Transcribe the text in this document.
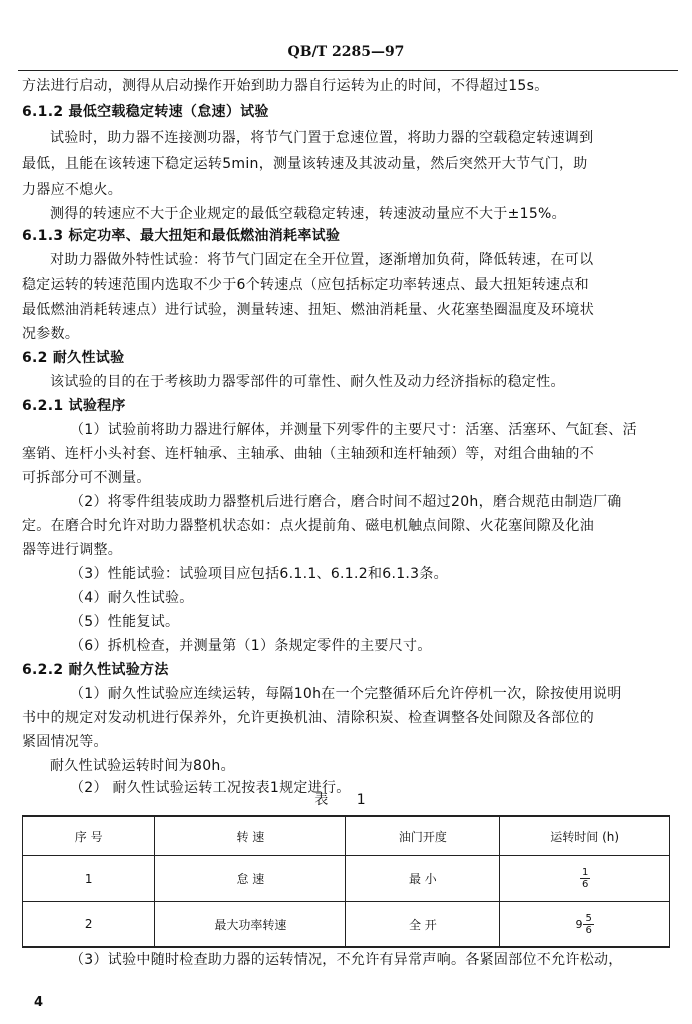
QB/T 2285—97
方法进行启动，测得从启动操作开始到助力器自行运转为止的时间，不得超过15s。
6.1.2 最低空载稳定转速（怠速）试验
试验时，助力器不连接测功器，将节气门置于怠速位置，将助力器的空载稳定转速调到
最低，且能在该转速下稳定运转5min，测量该转速及其波动量，然后突然开大节气门，助
力器应不熄火。
测得的转速应不大于企业规定的最低空载稳定转速，转速波动量应不大于±15%。
6.1.3 标定功率、最大扭矩和最低燃油消耗率试验
对助力器做外特性试验：将节气门固定在全开位置，逐渐增加负荷，降低转速，在可以
稳定运转的转速范围内选取不少于6个转速点（应包括标定功率转速点、最大扭矩转速点和
最低燃油消耗转速点）进行试验，测量转速、扭矩、燃油消耗量、火花塞垫圈温度及环境状
况参数。
6.2 耐久性试验
该试验的目的在于考核助力器零部件的可靠性、耐久性及动力经济指标的稳定性。
6.2.1 试验程序
（1）试验前将助力器进行解体，并测量下列零件的主要尺寸：活塞、活塞环、气缸套、活
塞销、连杆小头衬套、连杆轴承、主轴承、曲轴（主轴颈和连杆轴颈）等，对组合曲轴的不
可拆部分可不测量。
（2）将零件组装成助力器整机后进行磨合，磨合时间不超过20h，磨合规范由制造厂确
定。在磨合时允许对助力器整机状态如：点火提前角、磁电机触点间隙、火花塞间隙及化油
器等进行调整。
（3）性能试验：试验项目应包括6.1.1、6.1.2和6.1.3条。
（4）耐久性试验。
（5）性能复试。
（6）拆机检查，并测量第（1）条规定零件的主要尺寸。
6.2.2 耐久性试验方法
（1）耐久性试验应连续运转，每隔10h在一个完整循环后允许停机一次，除按使用说明
书中的规定对发动机进行保养外，允许更换机油、清除积炭、检查调整各处间隙及各部位的
紧固情况等。
耐久性试验运转时间为80h。
（2） 耐久性试验运转工况按表1规定进行。
表 1
序 号	转 速	油门开度	运转时间 (h)
1	怠 速	最 小	$\frac{1}{6}$

2	最大功率转速	全 开	$9 \frac{5}{6}$
（3）试验中随时检查助力器的运转情况，不允许有异常声响。各紧固部位不允许松动，
4
